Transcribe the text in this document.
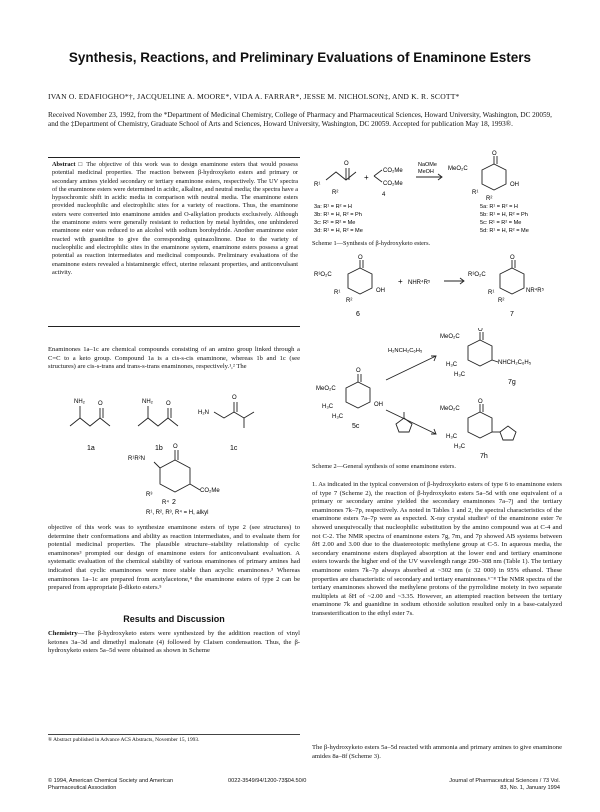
Synthesis, Reactions, and Preliminary Evaluations of Enaminone Esters
IVAN O. EDAFIOGHO*†, JACQUELINE A. MOORE*, VIDA A. FARRAR*, JESSE M. NICHOLSON‡, AND K. R. SCOTT*
Received November 23, 1992, from the *Department of Medicinal Chemistry, College of Pharmacy and Pharmaceutical Sciences, Howard University, Washington, DC 20059, and the ‡Department of Chemistry, Graduate School of Arts and Sciences, Howard University, Washington, DC 20059. Accepted for publication May 18, 1993®.
Abstract □ The objective of this work was to design enaminone esters that would possess potential medicinal properties. The reaction between β-hydroxyketo esters and primary or secondary amines yielded secondary or tertiary enaminone esters, respectively. The UV spectra of the enaminone esters were determined in acidic, alkaline, and neutral media; the spectra have a hypsochromic shift in acidic media in comparison with neutral media. The enaminone esters provided nucleophilic and electrophilic sites for a variety of reactions. Thus, the enaminone esters were converted into enaminone amides and O-alkylation products exclusively. Although the enaminone esters were generally resistant to reduction by metal hydrides, one unhindered enaminone ester was reduced to an alcohol with sodium borohydride. Another enaminone ester reacted with guanidine to give the corresponding quinazolinone. Due to the variety of nucleophilic and electrophilic sites in the enaminone system, enaminone esters possess a great potential as reaction intermediates and medicinal compounds. Preliminary evaluations of the enaminone esters revealed a histaminergic effect, uterine relaxant properties, and anticonvulsant activity.
Enaminones 1a–1c are chemical compounds consisting of an amino group linked through a C=C to a keto group. Compound 1a is a cis-s-cis enaminone, whereas 1b and 1c (see structures) are cis-s-trans and trans-s-trans enaminones, respectively.¹,² The
NH₂ O
1a
NH₂ O
1b
H₂N
O
1c
O
R¹R²N
CO₂Me
R³
R⁴ 2
R¹, R², R³, R⁴ = H, alkyl
objective of this work was to synthesize enaminone esters of type 2 (see structures) to determine their conformations and ability as reaction intermediates, and to evaluate them for potential medicinal properties. The plausible structure–stability relationship of cyclic enaminones³ prompted our design of enaminone esters for anticonvulsant evaluation. A systematic evaluation of the chemical stability of various enaminones of primary amines had indicated that cyclic enaminones were more stable than acyclic enaminones.³ Whereas enaminones 1a–1c are prepared from acetylacetone,⁴ the enaminone esters of type 2 can be prepared from appropriate β-diketo esters.⁵
Results and Discussion
Chemistry—The β-hydroxyketo esters were synthesized by the addition reaction of vinyl ketones 3a–3d and dimethyl malonate (4) followed by Claisen condensation. Thus, the β-hydroxyketo esters 5a–5d were obtained as shown in Scheme
® Abstract published in Advance ACS Abstracts, November 15, 1993.
O
R¹
R²
+
CO₂Me
CO₂Me
4
NaOMe
MeOH MeO₂C
O
OH
R¹
R²
3a: R¹ = R² = H
3b: R¹ = H, R² = Ph
3c: R¹ = R² = Me
3d: R¹ = H, R² = Me
5a: R¹ = R² = H
5b: R¹ = H, R² = Ph
5c: R¹ = R² = Me
5d: R¹ = H, R² = Me
Scheme 1—Synthesis of β-hydroxyketo esters.
R³O₂C
O
OH
R¹
R²
6
+ NHR⁴R⁵
R³O₂C
O
NR⁴R⁵
R¹
R²
7
MeO₂C
O
OH
H₃C
H₃C
5c
H₂NCH₂C₆H₅
MeO₂C
O
NHCH₂C₆H₅
H₃C
H₃C
7g
MeO₂C
O
H₃C
H₃C
7h
Scheme 2—General synthesis of some enaminone esters.
1. As indicated in the typical conversion of β-hydroxyketo esters of type 6 to enaminone esters of type 7 (Scheme 2), the reaction of β-hydroxyketo esters 5a–5d with one equivalent of a primary or secondary amine yielded the secondary enaminones 7a–7j and the tertiary enaminones 7k–7p, respectively. As noted in Tables 1 and 2, the spectral characteristics of the enaminone esters 7a–7p were as expected. X-ray crystal studies⁶ of the enaminone ester 7e showed unequivocally that nucleophilic substitution by the amino compound was at C-4 and not C-2. The NMR spectra of enaminone esters 7g, 7m, and 7p showed AB systems between δH 2.00 and 3.00 due to the diastereotopic methylene group at C-5. In aqueous media, the secondary enaminone esters displayed absorption at the lower end and tertiary enaminone esters towards the higher end of the UV wavelength range 290–308 nm (Table 1). The tertiary enaminone esters 7k–7p always absorbed at ~302 nm (ε 32 000) in 95% ethanol. These properties are characteristic of secondary and tertiary enaminones.⁶⁻⁸ The NMR spectra of the tertiary enaminones showed the methylene protons of the pyrrolidine moiety in two separate multiplets at δH of ~2.00 and ~3.35. However, an attempted reaction between the tertiary enaminone 7k and guanidine in sodium ethoxide solution resulted only in a base-catalyzed transesterification to the ethyl ester 7s.
The β-hydroxyketo esters 5a–5d reacted with ammonia and primary amines to give enaminone amides 8a–8f (Scheme 3).
© 1994, American Chemical Society and American Pharmaceutical Association
0022-3549/94/1200-73$04.50/0	Journal of Pharmaceutical Sciences / 73 Vol. 83, No. 1, January 1994
